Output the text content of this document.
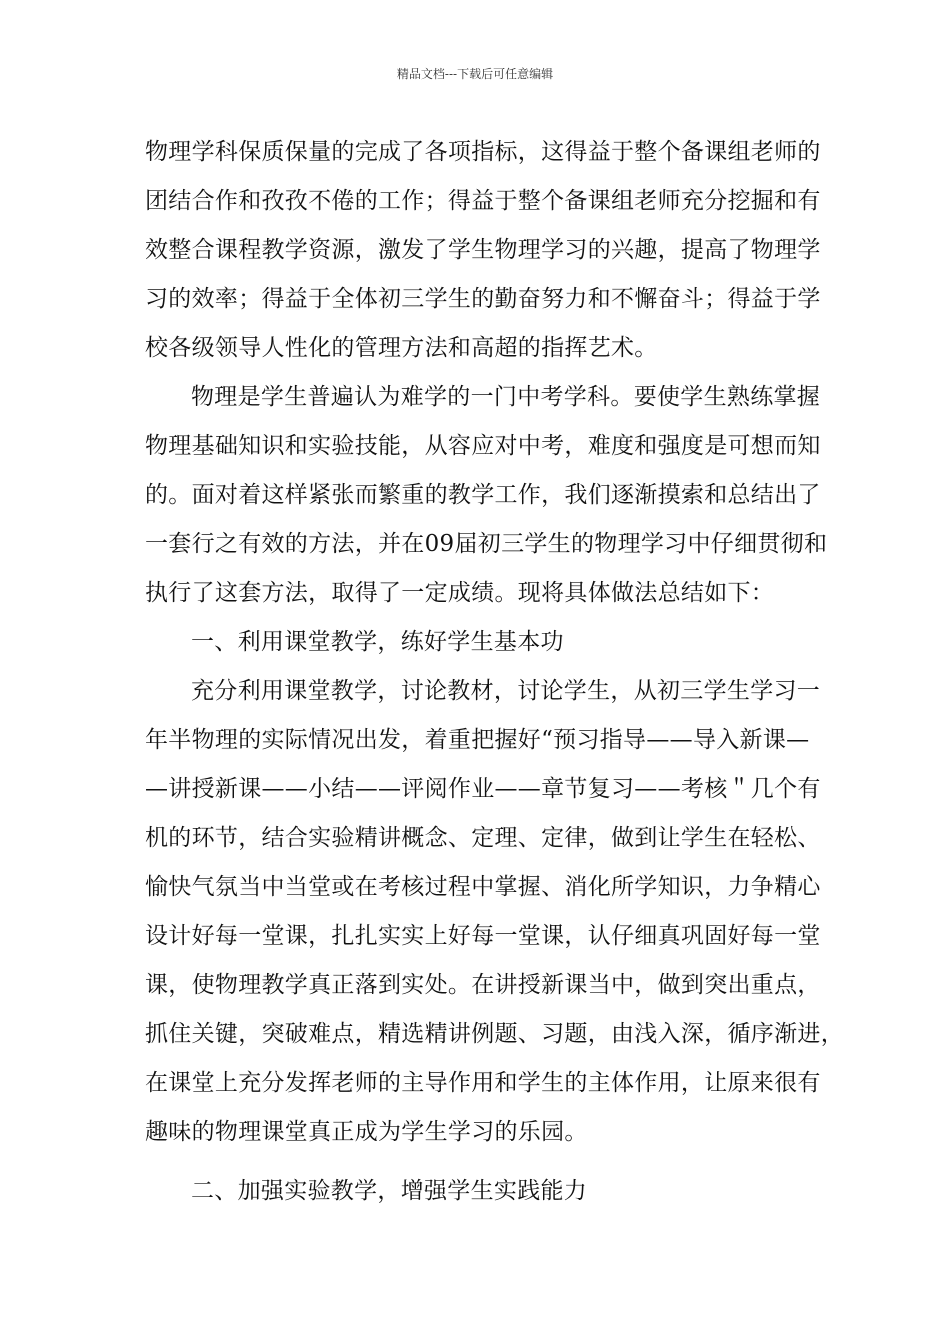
精品文档---下载后可任意编辑
物理学科保质保量的完成了各项指标，这得益于整个备课组老师的
团结合作和孜孜不倦的工作；得益于整个备课组老师充分挖掘和有
效整合课程教学资源，激发了学生物理学习的兴趣，提高了物理学
习的效率；得益于全体初三学生的勤奋努力和不懈奋斗；得益于学
校各级领导人性化的管理方法和高超的指挥艺术。
物理是学生普遍认为难学的一门中考学科。要使学生熟练掌握
物理基础知识和实验技能，从容应对中考，难度和强度是可想而知
的。面对着这样紧张而繁重的教学工作，我们逐渐摸索和总结出了
一套行之有效的方法，并在09届初三学生的物理学习中仔细贯彻和
执行了这套方法，取得了一定成绩。现将具体做法总结如下：
一、利用课堂教学，练好学生基本功
充分利用课堂教学，讨论教材，讨论学生，从初三学生学习一
年半物理的实际情况出发，着重把握好“预习指导——导入新课—
—讲授新课——小结——评阅作业——章节复习——考核＂几个有
机的环节，结合实验精讲概念、定理、定律，做到让学生在轻松、
愉快气氛当中当堂或在考核过程中掌握、消化所学知识，力争精心
设计好每一堂课，扎扎实实上好每一堂课，认仔细真巩固好每一堂
课，使物理教学真正落到实处。在讲授新课当中，做到突出重点，
抓住关键，突破难点，精选精讲例题、习题，由浅入深，循序渐进，
在课堂上充分发挥老师的主导作用和学生的主体作用，让原来很有
趣味的物理课堂真正成为学生学习的乐园。
二、加强实验教学，增强学生实践能力
